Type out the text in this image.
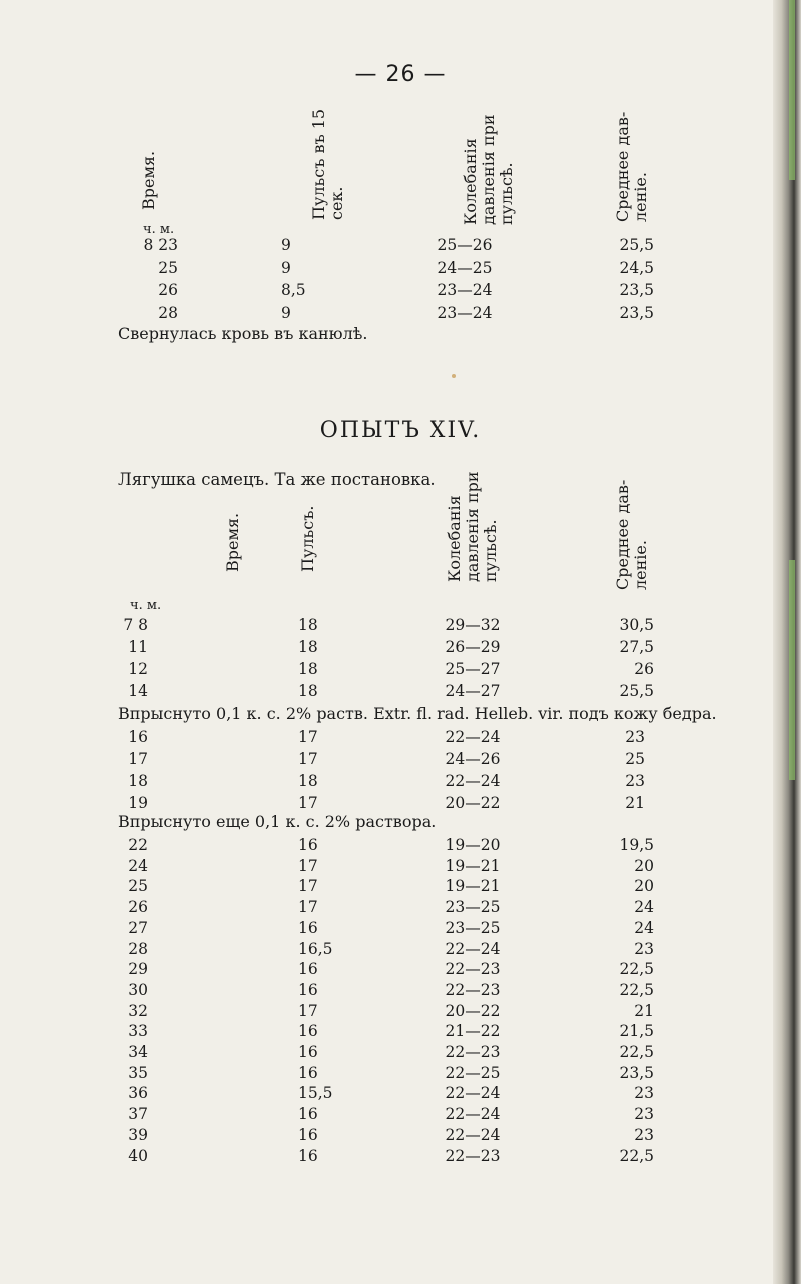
— 26 —
Время.	Пульсъ въ 15 сек.	Колебанія давленія при пульсѣ.	Среднее дав-леніе.
ч. м.
8 23	9	25—26	25,5
25	9	24—25	24,5
26	8,5	23—24	23,5
28	9	23—24	23,5
Свернулась кровь въ канюлѣ.
ОПЫТЪ XIV.
Лягушка самецъ. Та же постановка.
Время.	Пульсъ.	Колебанія давленія при пульсѣ.	Среднее дав-леніе.
ч. м.
7 8	18	29—32	30,5
11	18	26—29	27,5
12	18	25—27	26
14	18	24—27	25,5
Впрыснуто 0,1 к. с. 2% раств. Extr. fl. rad. Helleb. vir. подъ кожу бедра.
16	17	22—24	23
17	17	24—26	25
18	18	22—24	23
19	17	20—22	21
Впрыснуто еще 0,1 к. с. 2% раствора.
22	16	19—20	19,5
24	17	19—21	20
25	17	19—21	20
26	17	23—25	24
27	16	23—25	24
28	16,5	22—24	23
29	16	22—23	22,5
30	16	22—23	22,5
32	17	20—22	21
33	16	21—22	21,5
34	16	22—23	22,5
35	16	22—25	23,5
36	15,5	22—24	23
37	16	22—24	23
39	16	22—24	23
40	16	22—23	22,5
